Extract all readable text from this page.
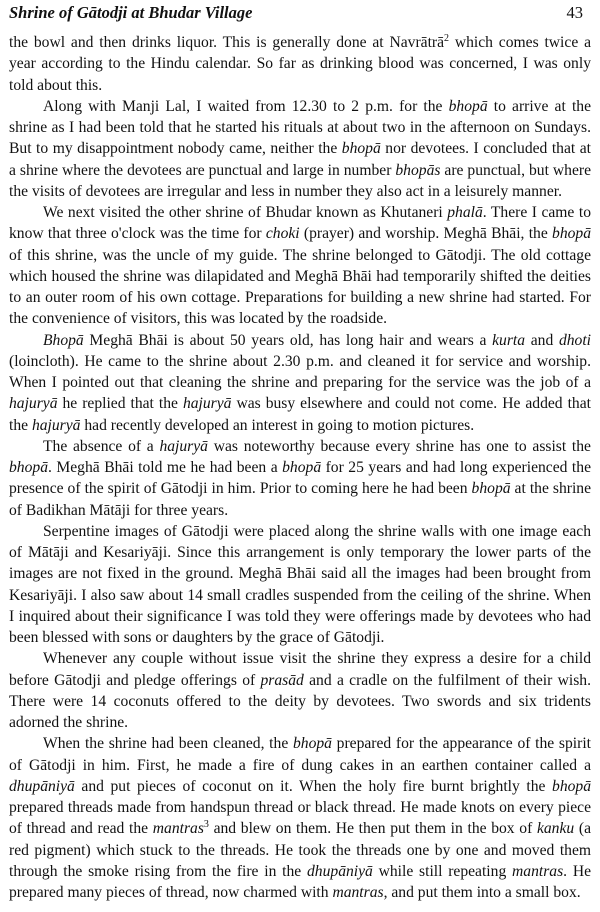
Shrine of Gātodji at Bhudar Village	43

the bowl and then drinks liquor. This is generally done at Navrātrā$^2$ which comes twice a year according to the Hindu calendar. So far as drinking blood was concerned, I was only told about this.

Along with Manji Lal, I waited from 12.30 to 2 p.m. for the bhopā to arrive at the shrine as I had been told that he started his rituals at about two in the afternoon on Sundays. But to my disappointment nobody came, neither the bhopā nor devotees. I concluded that at a shrine where the devotees are punctual and large in number bhopās are punctual, but where the visits of devotees are irregular and less in number they also act in a leisurely manner.

We next visited the other shrine of Bhudar known as Khutaneri phalā. There I came to know that three o'clock was the time for choki (prayer) and worship. Meghā Bhāi, the bhopā of this shrine, was the uncle of my guide. The shrine belonged to Gātodji. The old cottage which housed the shrine was dilapidated and Meghā Bhāi had temporarily shifted the deities to an outer room of his own cottage. Preparations for building a new shrine had started. For the convenience of visitors, this was located by the roadside.

Bhopā Meghā Bhāi is about 50 years old, has long hair and wears a kurta and dhoti (loincloth). He came to the shrine about 2.30 p.m. and cleaned it for service and worship. When I pointed out that cleaning the shrine and preparing for the service was the job of a hajuryā he replied that the hajuryā was busy elsewhere and could not come. He added that the hajuryā had recently developed an interest in going to motion pictures.

The absence of a hajuryā was noteworthy because every shrine has one to assist the bhopā. Meghā Bhāi told me he had been a bhopā for 25 years and had long experienced the presence of the spirit of Gātodji in him. Prior to coming here he had been bhopā at the shrine of Badikhan Mātāji for three years.

Serpentine images of Gātodji were placed along the shrine walls with one image each of Mātāji and Kesariyāji. Since this arrangement is only temporary the lower parts of the images are not fixed in the ground. Meghā Bhāi said all the images had been brought from Kesariyāji. I also saw about 14 small cradles suspended from the ceiling of the shrine. When I inquired about their significance I was told they were offerings made by devotees who had been blessed with sons or daughters by the grace of Gātodji.

Whenever any couple without issue visit the shrine they express a desire for a child before Gātodji and pledge offerings of prasād and a cradle on the fulfilment of their wish. There were 14 coconuts offered to the deity by devotees. Two swords and six tridents adorned the shrine.

When the shrine had been cleaned, the bhopā prepared for the appearance of the spirit of Gātodji in him. First, he made a fire of dung cakes in an earthen container called a dhupāniyā and put pieces of coconut on it. When the holy fire burnt brightly the bhopā prepared threads made from handspun thread or black thread. He made knots on every piece of thread and read the mantras$^3$ and blew on them. He then put them in the box of kanku (a red pigment) which stuck to the threads. He took the threads one by one and moved them through the smoke rising from the fire in the dhupāniyā while still repeating mantras. He prepared many pieces of thread, now charmed with mantras, and put them into a small box.
